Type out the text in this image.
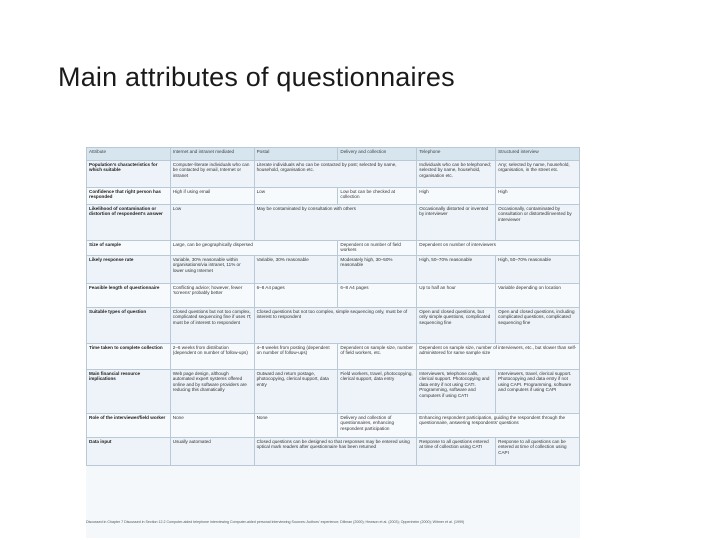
Main attributes of questionnaires
Attribute	Internet and intranet mediated	Postal	Delivery and collection	Telephone	Structured interview
Population's characteristics for which suitable	Computer-literate individuals who can be contacted by email, Internet or intranet	Literate individuals who can be contacted by post; selected by name, household, organisation etc.		Individuals who can be telephoned; selected by name, household, organisation etc.	Any; selected by name, household, organisation, in the street etc.
Confidence that right person has responded	High if using email	Low	Low but can be checked at collection	High	High
Likelihood of contamination or distortion of respondent's answer	Low	May be contaminated by consultation with others		Occasionally distorted or invented by interviewer	Occasionally, contaminated by consultation or distorted/invented by interviewer
Size of sample	Large, can be geographically dispersed		Dependent on number of field workers	Dependent on number of interviewers	
Likely response rate	Variable, 30% reasonable within organisations/via intranet, 11% or lower using Internet	Variable, 30% reasonable	Moderately high, 30–50% reasonable	High, 50–70% reasonable	High, 50–70% reasonable
Feasible length of questionnaire	Conflicting advice; however, fewer 'screens' probably better	6–8 A4 pages	6–8 A4 pages	Up to half an hour	Variable depending on location
Suitable types of question	Closed questions but not too complex, complicated sequencing fine if uses IT, must be of interest to respondent	Closed questions but not too complex, simple sequencing only, must be of interest to respondent		Open and closed questions, but only simple questions, complicated sequencing fine	Open and closed questions, including complicated questions, complicated sequencing fine
Time taken to complete collection	2–6 weeks from distribution (dependent on number of follow-ups)	4–8 weeks from posting (dependent on number of follow-ups)	Dependent on sample size, number of field workers, etc.	Dependent on sample size, number of interviewers, etc., but slower than self-administered for same sample size	
Main financial resource implications	Web page design, although automated expert systems offered online and by software providers are reducing this dramatically	Outward and return postage, photocopying, clerical support, data entry	Field workers, travel, photocopying, clerical support, data entry	Interviewers, telephone calls, clerical support. Photocopying and data entry if not using CATI. Programming, software and computers if using CATI	Interviewers, travel, clerical support. Photocopying and data entry if not using CAPI. Programming, software and computers if using CAPI
Role of the interviewer/field worker	None	None	Delivery and collection of questionnaires, enhancing respondent participation	Enhancing respondent participation, guiding the respondent through the questionnaire, answering respondents' questions	
Data input	Usually automated	Closed questions can be designed so that responses may be entered using optical mark readers after questionnaire has been returned		Response to all questions entered at time of collection using CATI	Response to all questions can be entered at time of collection using CAPI
Discussed in Chapter 7 Discussed in Section 12.2 Computer-aided telephone interviewing Computer-aided personal interviewing Sources: Authors' experience; Dillman (2000); Hewson et al. (2003); Oppenheim (2000); Witmer et al. (1999)
